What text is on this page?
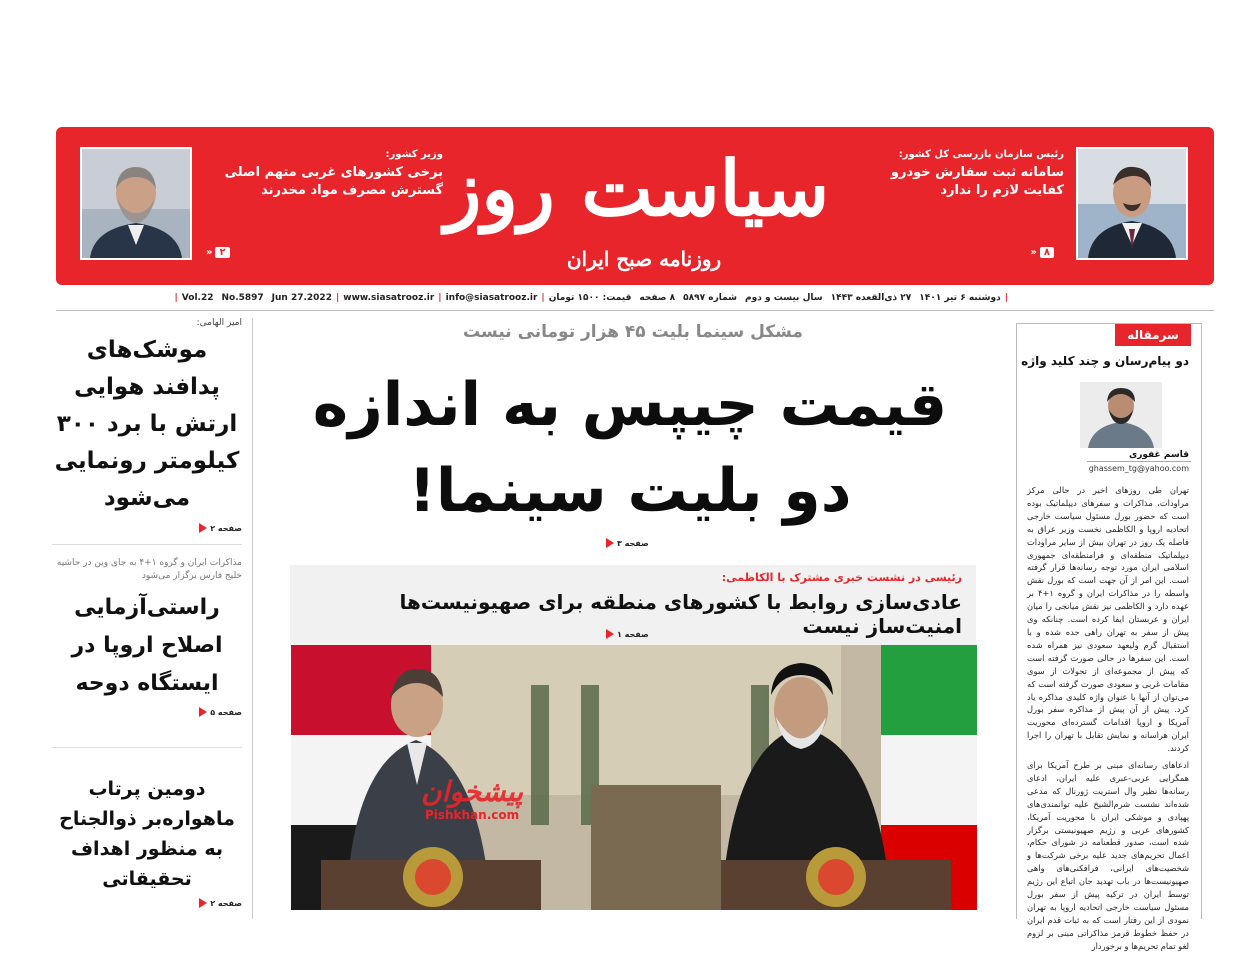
سیاست روز
روزنامه صبح ایران
رئیس سازمان بازرسی کل کشور:
سامانه ثبت سفارش خودرو کفایت لازم را ندارد
۸
«
وزیر کشور:
برخی کشورهای غربی متهم اصلی گسترش مصرف مواد مخدرند
۲
«
|
دوشنبه ۶ تیر ۱۴۰۱
۲۷ ذی‌القعده ۱۴۴۳
سال بیست و دوم
شماره ۵۸۹۷
۸ صفحه
قیمت: ۱۵۰۰ تومان
|
info@siasatrooz.ir
|
www.siasatrooz.ir
|
Jun 27.2022
No.5897
Vol.22
|
امیر الهامی:
موشک‌های پدافند هوایی ارتش با برد ۳۰۰ کیلومتر رونمایی می‌شود
صفحه ۲
مذاکرات ایران و گروه ۱+۴ به جای وین در حاشیه خلیج فارس برگزار می‌شود
راستی‌آزمایی اصلاح اروپا در ایستگاه دوحه
صفحه ۵
دومین پرتاب ماهواره‌بر ذوالجناح به منظور اهداف تحقیقاتی
صفحه ۲
مشکل سینما بلیت ۴۵ هزار تومانی نیست
قیمت چیپس به اندازه
دو بلیت سینما!
صفحه ۳
رئیسی در نشست خبری مشترک با الکاظمی:
عادی‌سازی روابط با کشورهای منطقه برای صهیونیست‌ها امنیت‌ساز نیست
صفحه ۱
پیشخوان
Pishkhan.com
سرمقاله
دو پیام‌رسان و چند کلید واژه
قاسم غفوری
ghassem_tg@yahoo.com

تهران طی روزهای اخیر در حالی مرکز مراودات، مذاکرات و سفرهای دیپلماتیک بوده است که حضور بورل مسئول سیاست خارجی اتحادیه اروپا و الکاظمی نخست وزیر عراق به فاصله یک روز در تهران بیش از سایر مراودات دیپلماتیک منطقه‌ای و فرامنطقه‌ای جمهوری اسلامی ایران مورد توجه رسانه‌ها قرار گرفته است. این امر از آن جهت است که بورل نقش واسطه را در مذاکرات ایران و گروه ۱+۴ بر عهده دارد و الکاظمی نیز نقش میانجی را میان ایران و عربستان ایفا کرده است. چنانکه وی پیش از سفر به تهران راهی جده شده و با استقبال گرم ولیعهد سعودی نیز همراه شده است. این سفرها در حالی صورت گرفته است که پیش از مجموعه‌ای از تحولات از سوی مقامات غربی و سعودی صورت گرفته است که می‌توان از آنها با عنوان واژه کلیدی مذاکره یاد کرد. پیش از آن پیش از مذاکره سفر بورل آمریکا و اروپا اقدامات گسترده‌ای محوریت ایران هراسانه و نمایش تقابل با تهران را اجرا کردند.

ادعاهای رسانه‌ای مبنی بر طرح آمریکا برای همگرایی عربی-عبری علیه ایران، ادعای رسانه‌ها نظیر وال استریت ژورنال که مدعی شده‌اند نشست شرم‌الشیخ علیه توانمندی‌های پهپادی و موشکی ایران با محوریت آمریکا، کشورهای عربی و رژیم صهیونیستی برگزار شده است، صدور قطعنامه در شورای حکام، اعمال تحریم‌های جدید علیه برخی شرکت‌ها و شخصیت‌های ایرانی، فرافکنی‌های واهی صهیونیست‌ها در باب تهدید جان اتباع این رژیم توسط ایران در ترکیه پیش از سفر بورل مسئول سیاست خارجی اتحادیه اروپا به تهران نمودی از این رفتار است که به ثبات قدم ایران در حفظ خطوط قرمز مذاکراتی مبنی بر لزوم لغو تمام تحریم‌ها و برخوردار
